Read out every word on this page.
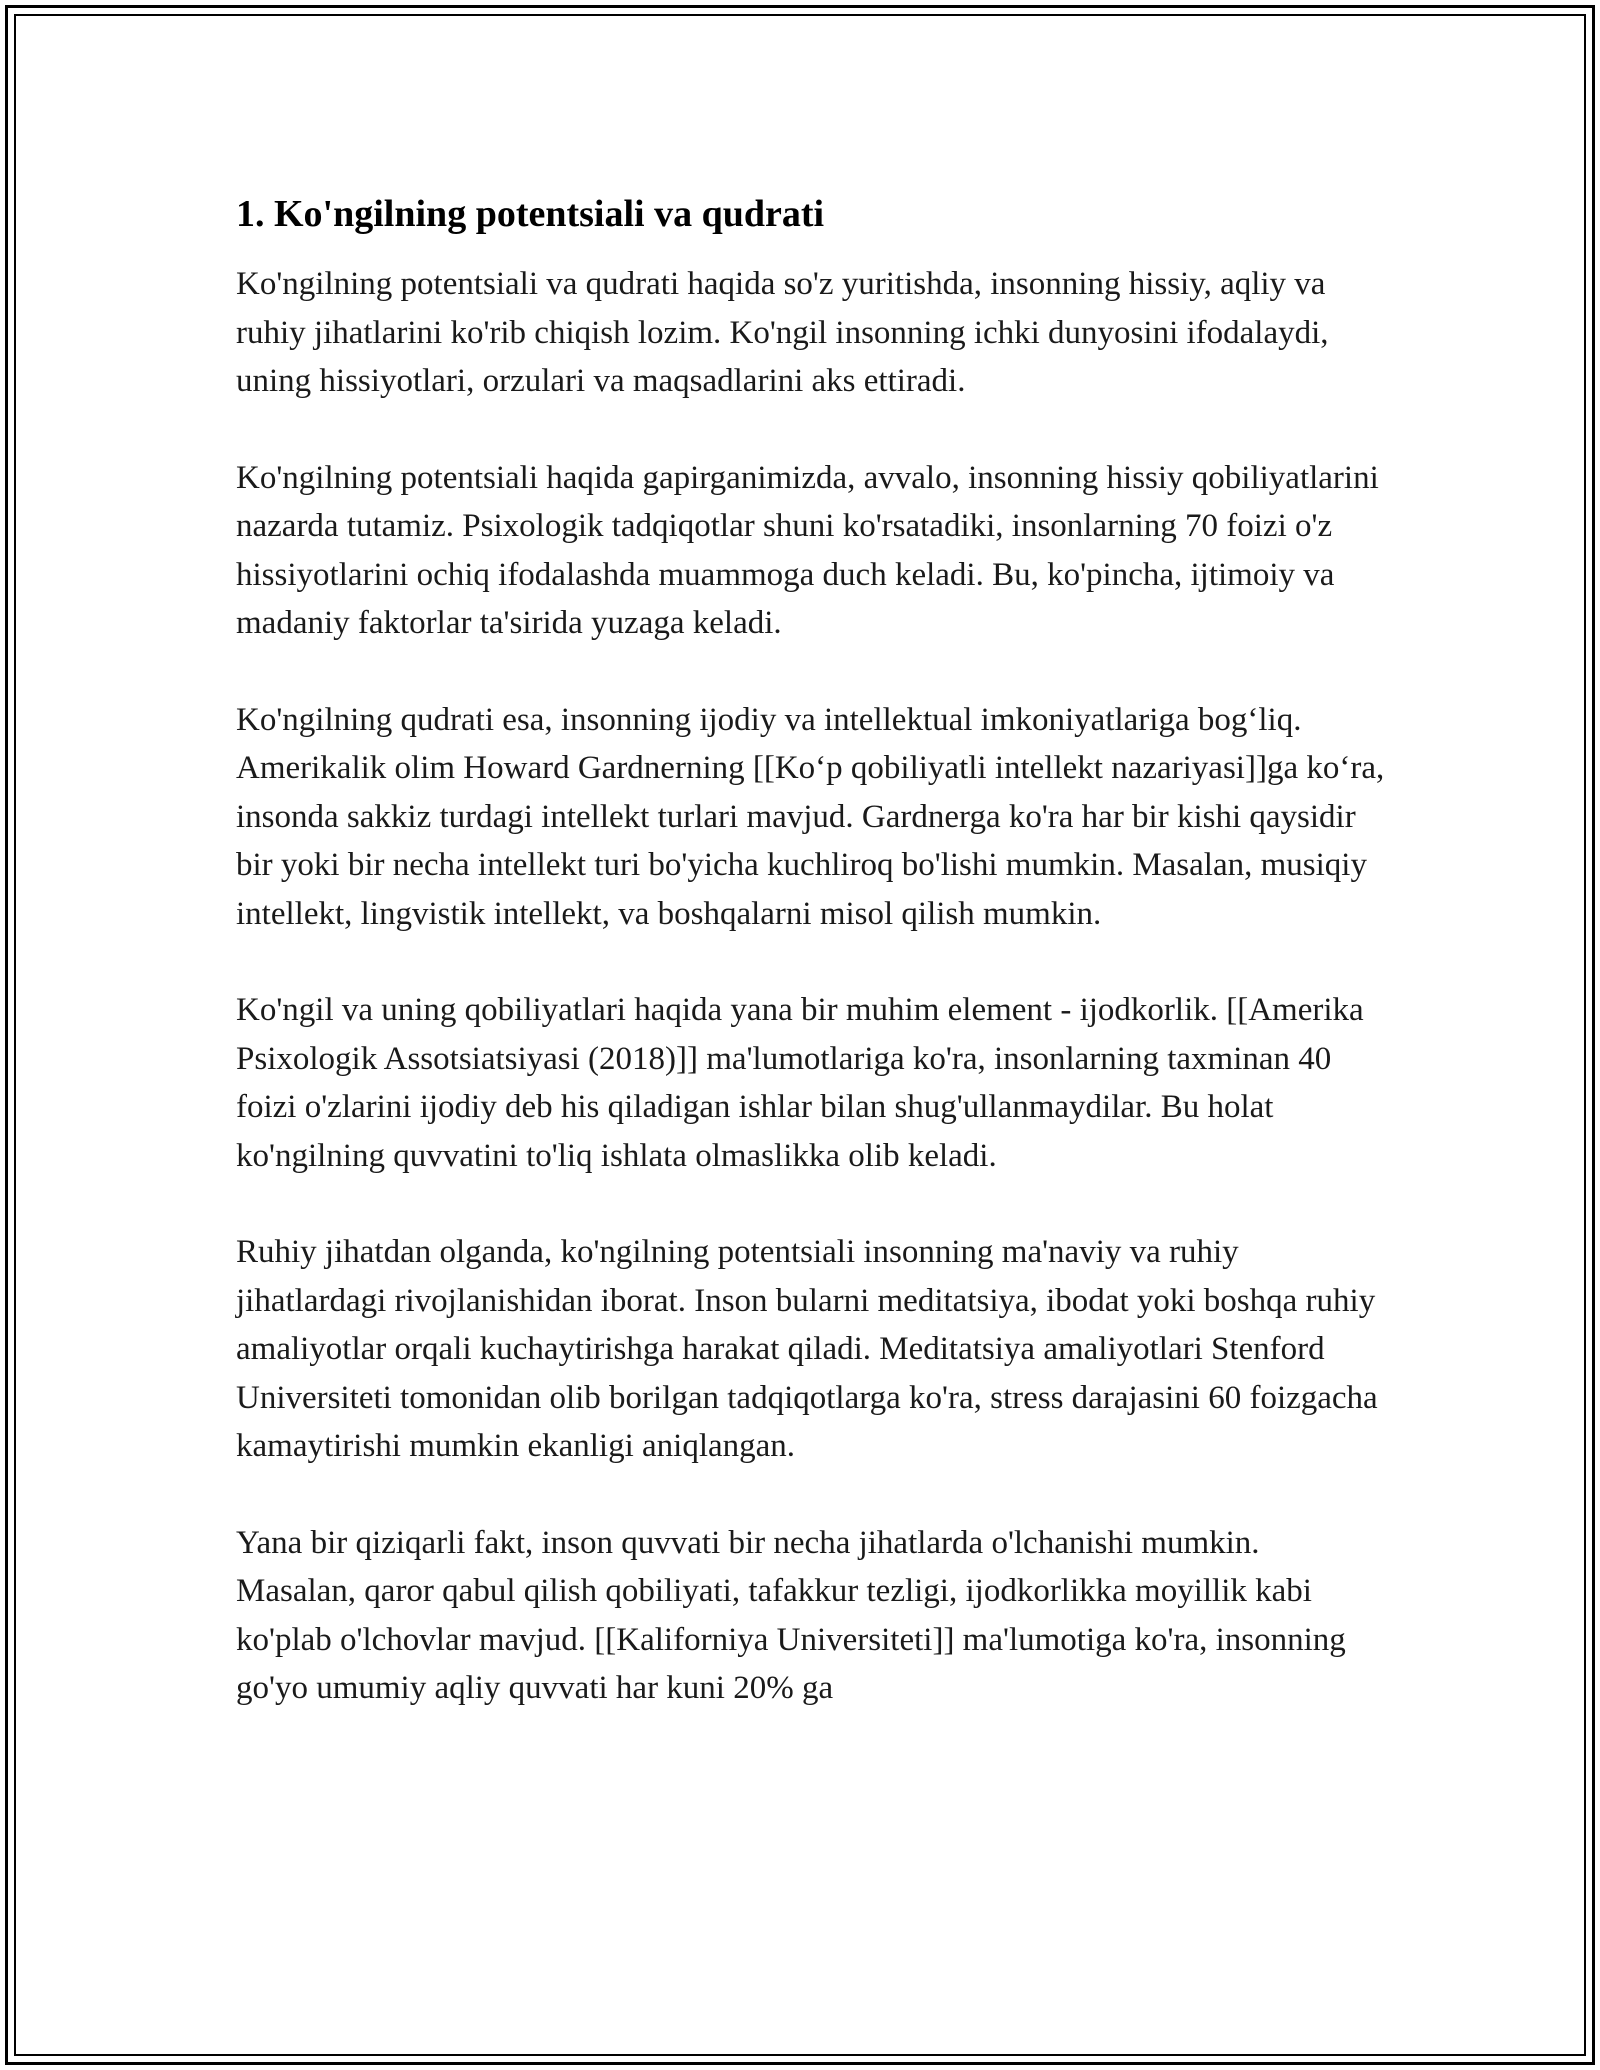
1. Ko'ngilning potentsiali va qudrati

Ko'ngilning potentsiali va qudrati haqida so'z yuritishda, insonning hissiy, aqliy va ruhiy jihatlarini ko'rib chiqish lozim. Ko'ngil insonning ichki dunyosini ifodalaydi, uning hissiyotlari, orzulari va maqsadlarini aks ettiradi.

Ko'ngilning potentsiali haqida gapirganimizda, avvalo, insonning hissiy qobiliyatlarini nazarda tutamiz. Psixologik tadqiqotlar shuni ko'rsatadiki, insonlarning 70 foizi o'z hissiyotlarini ochiq ifodalashda muammoga duch keladi. Bu, ko'pincha, ijtimoiy va madaniy faktorlar ta'sirida yuzaga keladi.

Ko'ngilning qudrati esa, insonning ijodiy va intellektual imkoniyatlariga bog‘liq. Amerikalik olim Howard Gardnerning [[Ko‘p qobiliyatli intellekt nazariyasi]]ga ko‘ra, insonda sakkiz turdagi intellekt turlari mavjud. Gardnerga ko'ra har bir kishi qaysidir bir yoki bir necha intellekt turi bo'yicha kuchliroq bo'lishi mumkin. Masalan, musiqiy intellekt, lingvistik intellekt, va boshqalarni misol qilish mumkin.

Ko'ngil va uning qobiliyatlari haqida yana bir muhim element - ijodkorlik. [[Amerika Psixologik Assotsiatsiyasi (2018)]] ma'lumotlariga ko'ra, insonlarning taxminan 40 foizi o'zlarini ijodiy deb his qiladigan ishlar bilan shug'ullanmaydilar. Bu holat ko'ngilning quvvatini to'liq ishlata olmaslikka olib keladi.

Ruhiy jihatdan olganda, ko'ngilning potentsiali insonning ma'naviy va ruhiy jihatlardagi rivojlanishidan iborat. Inson bularni meditatsiya, ibodat yoki boshqa ruhiy amaliyotlar orqali kuchaytirishga harakat qiladi. Meditatsiya amaliyotlari Stenford Universiteti tomonidan olib borilgan tadqiqotlarga ko'ra, stress darajasini 60 foizgacha kamaytirishi mumkin ekanligi aniqlangan.

Yana bir qiziqarli fakt, inson quvvati bir necha jihatlarda o'lchanishi mumkin. Masalan, qaror qabul qilish qobiliyati, tafakkur tezligi, ijodkorlikka moyillik kabi ko'plab o'lchovlar mavjud. [[Kaliforniya Universiteti]] ma'lumotiga ko'ra, insonning go'yo umumiy aqliy quvvati har kuni 20% ga
